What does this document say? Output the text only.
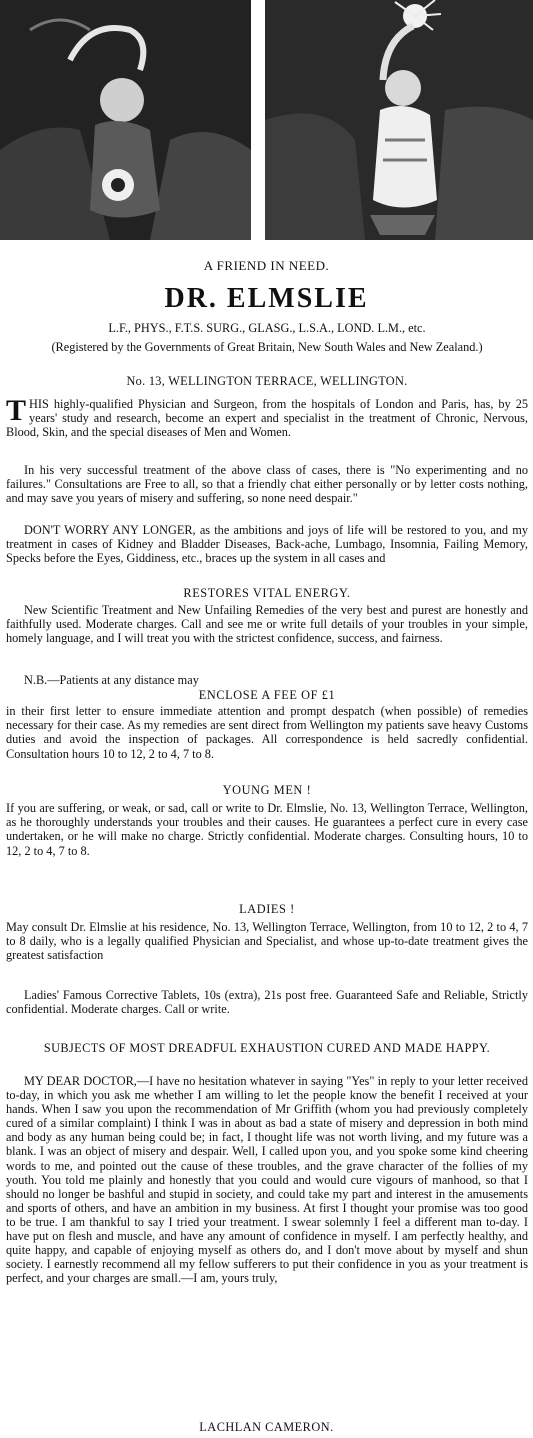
A FRIEND IN NEED.
DR. ELMSLIE
L.F., PHYS., F.T.S. SURG., GLASG., L.S.A., LOND. L.M., etc.
(Registered by the Governments of Great Britain, New South Wales and New Zealand.)
No. 13, WELLINGTON TERRACE, WELLINGTON.
THIS highly-qualified Physician and Surgeon, from the hospitals of London and Paris, has, by 25 years' study and research, become an expert and specialist in the treatment of Chronic, Nervous, Blood, Skin, and the special diseases of Men and Women.
In his very successful treatment of the above class of cases, there is "No experimenting and no failures." Consultations are Free to all, so that a friendly chat either personally or by letter costs nothing, and may save you years of misery and suffering, so none need despair."
DON'T WORRY ANY LONGER, as the ambitions and joys of life will be restored to you, and my treatment in cases of Kidney and Bladder Diseases, Back-ache, Lumbago, Insomnia, Failing Memory, Specks before the Eyes, Giddiness, etc., braces up the system in all cases and
RESTORES VITAL ENERGY.
New Scientific Treatment and New Unfailing Remedies of the very best and purest are honestly and faithfully used. Moderate charges. Call and see me or write full details of your troubles in your simple, homely language, and I will treat you with the strictest confidence, success, and fairness.
N.B.—Patients at any distance may
ENCLOSE A FEE OF £1
in their first letter to ensure immediate attention and prompt despatch (when possible) of remedies necessary for their case. As my remedies are sent direct from Wellington my patients save heavy Customs duties and avoid the inspection of packages. All correspondence is held sacredly confidential. Consultation hours 10 to 12, 2 to 4, 7 to 8.
YOUNG MEN !
If you are suffering, or weak, or sad, call or write to Dr. Elmslie, No. 13, Wellington Terrace, Wellington, as he thoroughly understands your troubles and their causes. He guarantees a perfect cure in every case undertaken, or he will make no charge. Strictly confidential. Moderate charges. Consulting hours, 10 to 12, 2 to 4, 7 to 8.
LADIES !
May consult Dr. Elmslie at his residence, No. 13, Wellington Terrace, Wellington, from 10 to 12, 2 to 4, 7 to 8 daily, who is a legally qualified Physician and Specialist, and whose up-to-date treatment gives the greatest satisfaction
Ladies' Famous Corrective Tablets, 10s (extra), 21s post free. Guaranteed Safe and Reliable, Strictly confidential. Moderate charges. Call or write.
SUBJECTS OF MOST DREADFUL EXHAUSTION CURED AND MADE HAPPY.
MY DEAR DOCTOR,—I have no hesitation whatever in saying "Yes" in reply to your letter received to-day, in which you ask me whether I am willing to let the people know the benefit I received at your hands. When I saw you upon the recommendation of Mr Griffith (whom you had previously completely cured of a similar complaint) I think I was in about as bad a state of misery and depression in both mind and body as any human being could be; in fact, I thought life was not worth living, and my future was a blank. I was an object of misery and despair. Well, I called upon you, and you spoke some kind cheering words to me, and pointed out the cause of these troubles, and the grave character of the follies of my youth. You told me plainly and honestly that you could and would cure vigours of manhood, so that I should no longer be bashful and stupid in society, and could take my part and interest in the amusements and sports of others, and have an ambition in my business. At first I thought your promise was too good to be true. I am thankful to say I tried your treatment. I swear solemnly I feel a different man to-day. I have put on flesh and muscle, and have any amount of confidence in myself. I am perfectly healthy, and quite happy, and capable of enjoying myself as others do, and I don't move about by myself and shun society. I earnestly recommend all my fellow sufferers to put their confidence in you as your treatment is perfect, and your charges are small.—I am, yours truly,
LACHLAN CAMERON.
